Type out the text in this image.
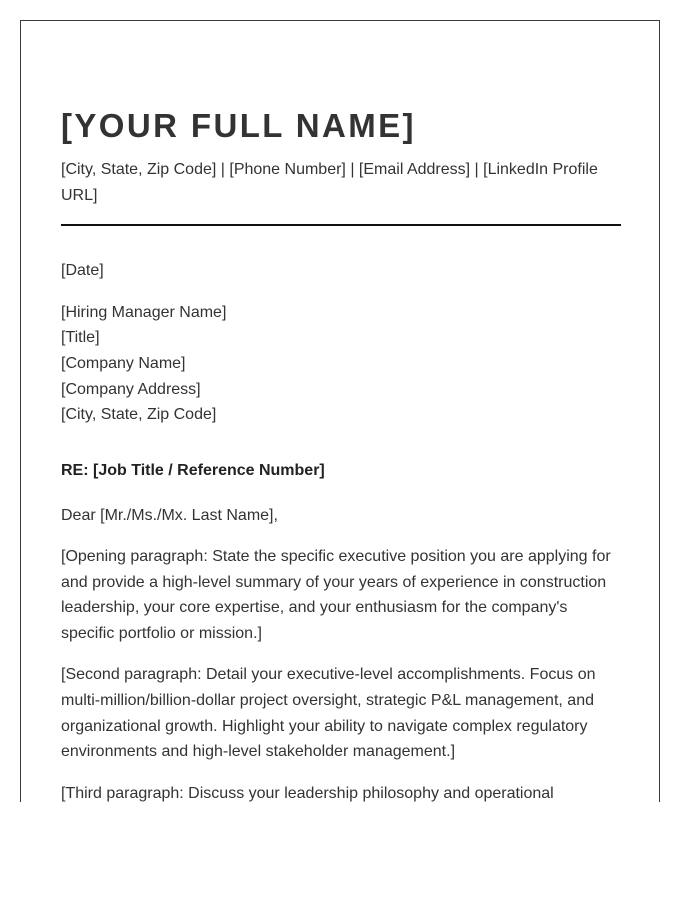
[YOUR FULL NAME]
[City, State, Zip Code] | [Phone Number] | [Email Address] | [LinkedIn Profile URL]
[Date]
[Hiring Manager Name]
[Title]
[Company Name]
[Company Address]
[City, State, Zip Code]
RE: [Job Title / Reference Number]
Dear [Mr./Ms./Mx. Last Name],

[Opening paragraph: State the specific executive position you are applying for and provide a high-level summary of your years of experience in construction leadership, your core expertise, and your enthusiasm for the company's specific portfolio or mission.]

[Second paragraph: Detail your executive-level accomplishments. Focus on multi-million/billion-dollar project oversight, strategic P&L management, and organizational growth. Highlight your ability to navigate complex regulatory environments and high-level stakeholder management.]

[Third paragraph: Discuss your leadership philosophy and operational
